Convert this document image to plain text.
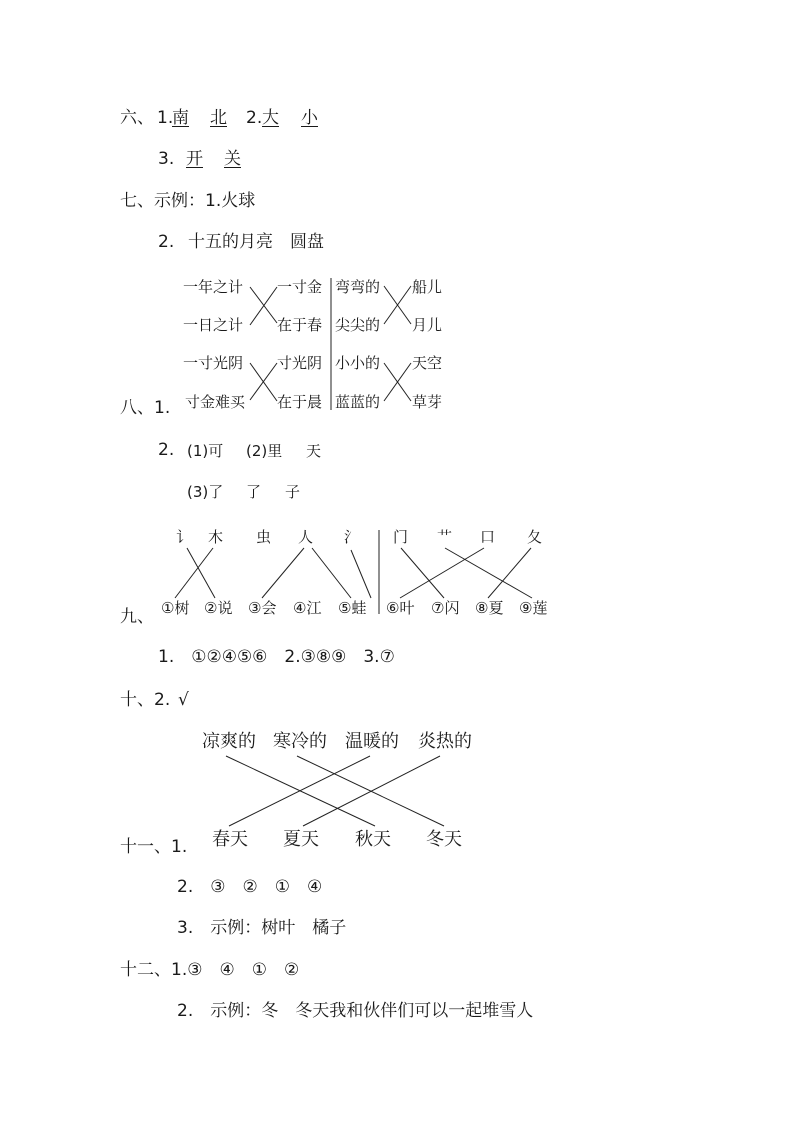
六、 1.
南 北 2. 大 小
3. 开 关
七、示例：1.火球
2. 十五的月亮　圆盘
八、1.
一年之计
一日之计
一寸光阴
寸金难买
一寸金
在于春
寸光阴
在于晨
弯弯的
尖尖的
小小的
蓝蓝的
船儿
月儿
天空
草芽
2. (1)可 (2)里 天
(3)了 了 子
九、
讠 木 虫 人 氵 门 艹 口 夂
①树 ②说 ③会 ④江 ⑤蛙 ⑥叶 ⑦闪 ⑧夏 ⑨莲
1.　①②④⑤⑥　2.③⑧⑨　3.⑦
十、2. √
凉爽的 寒冷的 温暖的 炎热的
春天 夏天 秋天 冬天
十一、1.
2.　③　②　①　④
3.　示例：树叶　橘子
十二、1.③　④　①　②
2.　示例：冬　冬天我和伙伴们可以一起堆雪人
